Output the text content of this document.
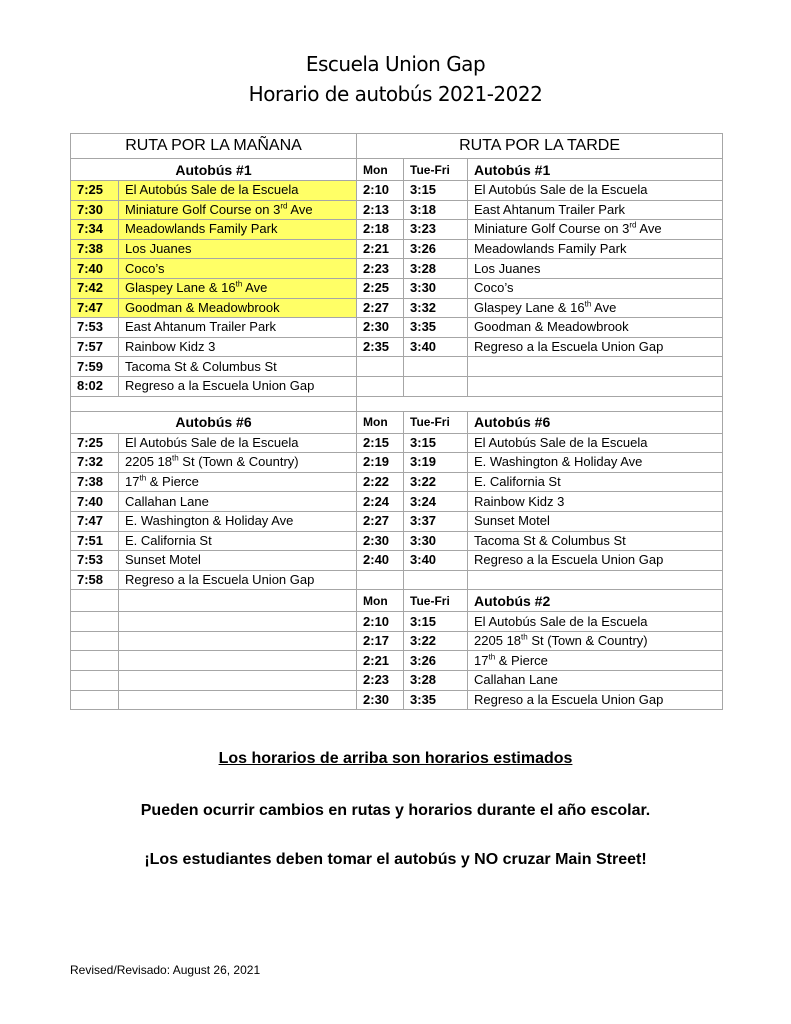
Escuela Union Gap
Horario de autobús 2021-2022
RUTA POR LA MAÑANA		RUTA POR LA TARDE		
Autobús #1		Mon	Tue-Fri	Autobús #1
7:25	El Autobús Sale de la Escuela	2:10	3:15	El Autobús Sale de la Escuela
7:30	Miniature Golf Course on 3rd Ave	2:13	3:18	East Ahtanum Trailer Park
7:34	Meadowlands Family Park	2:18	3:23	Miniature Golf Course on 3rd Ave
7:38	Los Juanes	2:21	3:26	Meadowlands Family Park
7:40	Coco’s	2:23	3:28	Los Juanes
7:42	Glaspey Lane & 16th Ave	2:25	3:30	Coco’s
7:47	Goodman & Meadowbrook	2:27	3:32	Glaspey Lane & 16th Ave
7:53	East Ahtanum Trailer Park	2:30	3:35	Goodman & Meadowbrook
7:57	Rainbow Kidz 3	2:35	3:40	Regreso a la Escuela Union Gap
7:59	Tacoma St & Columbus St			
8:02	Regreso a la Escuela Union Gap			

Autobús #6		Mon	Tue-Fri	Autobús #6
7:25	El Autobús Sale de la Escuela	2:15	3:15	El Autobús Sale de la Escuela
7:32	2205 18th St (Town & Country)	2:19	3:19	E. Washington & Holiday Ave
7:38	17th & Pierce	2:22	3:22	E. California St
7:40	Callahan Lane	2:24	3:24	Rainbow Kidz 3
7:47	E. Washington & Holiday Ave	2:27	3:37	Sunset Motel
7:51	E. California St	2:30	3:30	Tacoma St & Columbus St
7:53	Sunset Motel	2:40	3:40	Regreso a la Escuela Union Gap
7:58	Regreso a la Escuela Union Gap			
		Mon	Tue-Fri	Autobús #2
		2:10	3:15	El Autobús Sale de la Escuela
		2:17	3:22	2205 18th St (Town & Country)
		2:21	3:26	17th & Pierce
		2:23	3:28	Callahan Lane
		2:30	3:35	Regreso a la Escuela Union Gap
Los horarios de arriba son horarios estimados
Pueden ocurrir cambios en rutas y horarios durante el año escolar.
¡Los estudiantes deben tomar el autobús y NO cruzar Main Street!
Revised/Revisado: August 26, 2021
